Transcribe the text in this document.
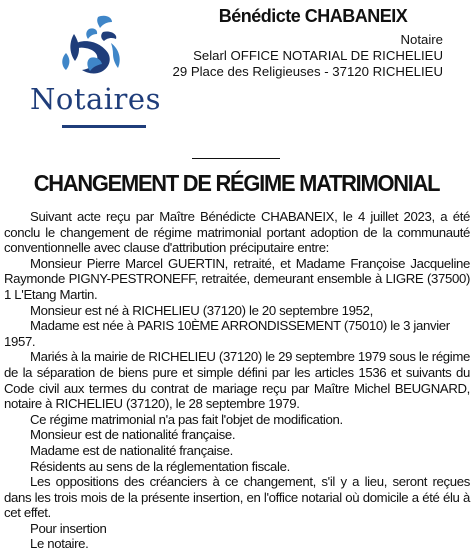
Notaires
Bénédicte CHABANEIX
Notaire
Selarl OFFICE NOTARIAL DE RICHELIEU
29 Place des Religieuses - 37120 RICHELIEU
CHANGEMENT DE RÉGIME MATRIMONIAL

Suivant acte reçu par Maître Bénédicte CHABANEIX, le 4 juillet 2023, a été conclu le changement de régime matrimonial portant adoption de la communauté conventionnelle avec clause d'attribution préciputaire entre:

Monsieur Pierre Marcel GUERTIN, retraité, et Madame Françoise Jacqueline Raymonde PIGNY-PESTRONEFF, retraitée, demeurant ensemble à LIGRE (37500) 1 L'Etang Martin.

Monsieur est né à RICHELIEU (37120) le 20 septembre 1952,

Madame est née à PARIS 10ÈME ARRONDISSEMENT (75010) le 3 janvier 1957.

Mariés à la mairie de RICHELIEU (37120) le 29 septembre 1979 sous le régime de la séparation de biens pure et simple défini par les articles 1536 et suivants du Code civil aux termes du contrat de mariage reçu par Maître Michel BEUGNARD, notaire à RICHELIEU (37120), le 28 septembre 1979.

Ce régime matrimonial n'a pas fait l'objet de modification.

Monsieur est de nationalité française.

Madame est de nationalité française.

Résidents au sens de la réglementation fiscale.

Les oppositions des créanciers à ce changement, s'il y a lieu, seront reçues dans les trois mois de la présente insertion, en l'office notarial où domicile a été élu à cet effet.

Pour insertion

Le notaire.
